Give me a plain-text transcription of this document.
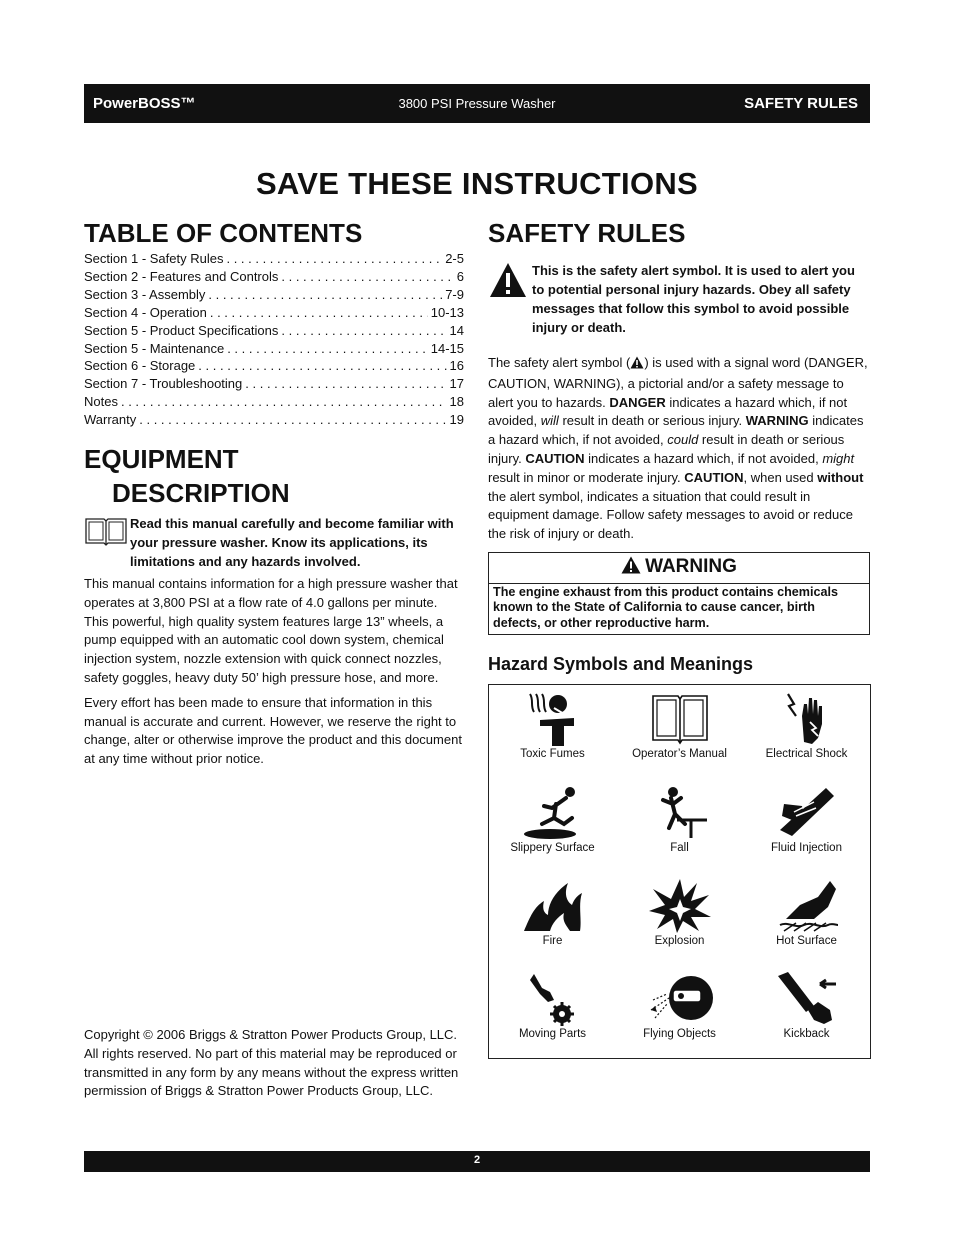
PowerBOSS™	3800 PSI Pressure Washer	SAFETY RULES
SAVE THESE INSTRUCTIONS
TABLE OF CONTENTS
Section 1 - Safety Rules . . .	2-5
Section 2 - Features and Controls . . .	6
Section 3 - Assembly . . .	7-9
Section 4 - Operation . . .	10-13
Section 5 - Product Specifications . . .	14
Section 5 - Maintenance . . .	14-15
Section 6 - Storage . . .	16
Section 7 - Troubleshooting . . .	17
Notes . . .	18
Warranty . . .	19
EQUIPMENT
DESCRIPTION
Read this manual carefully and become familiar with your pressure washer. Know its applications, its limitations and any hazards involved.

This manual contains information for a high pressure washer that operates at 3,800 PSI at a flow rate of 4.0 gallons per minute. This powerful, high quality system features large 13” wheels, a pump equipped with an automatic cool down system, chemical injection system, nozzle extension with quick connect nozzles, safety goggles, heavy duty 50’ high pressure hose, and more.

Every effort has been made to ensure that information in this manual is accurate and current. However, we reserve the right to change, alter or otherwise improve the product and this document at any time without prior notice.

Copyright © 2006 Briggs & Stratton Power Products Group, LLC. All rights reserved. No part of this material may be reproduced or transmitted in any form by any means without the express written permission of Briggs & Stratton Power Products Group, LLC.
SAFETY RULES
This is the safety alert symbol. It is used to alert you to potential personal injury hazards. Obey all safety messages that follow this symbol to avoid possible injury or death.

The safety alert symbol ( ) is used with a signal word (DANGER, CAUTION, WARNING), a pictorial and/or a safety message to alert you to hazards. DANGER indicates a hazard which, if not avoided, will result in death or serious injury. WARNING indicates a hazard which, if not avoided, could result in death or serious injury. CAUTION indicates a hazard which, if not avoided, might result in minor or moderate injury. CAUTION, when used without the alert symbol, indicates a situation that could result in equipment damage. Follow safety messages to avoid or reduce the risk of injury or death.

WARNING
The engine exhaust from this product contains chemicals known to the State of California to cause cancer, birth defects, or other reproductive harm.
Hazard Symbols and Meanings
Toxic Fumes	Operator’s Manual	Electrical Shock
Slippery Surface	Fall	Fluid Injection
Fire	Explosion	Hot Surface
Moving Parts	Flying Objects	Kickback
2
